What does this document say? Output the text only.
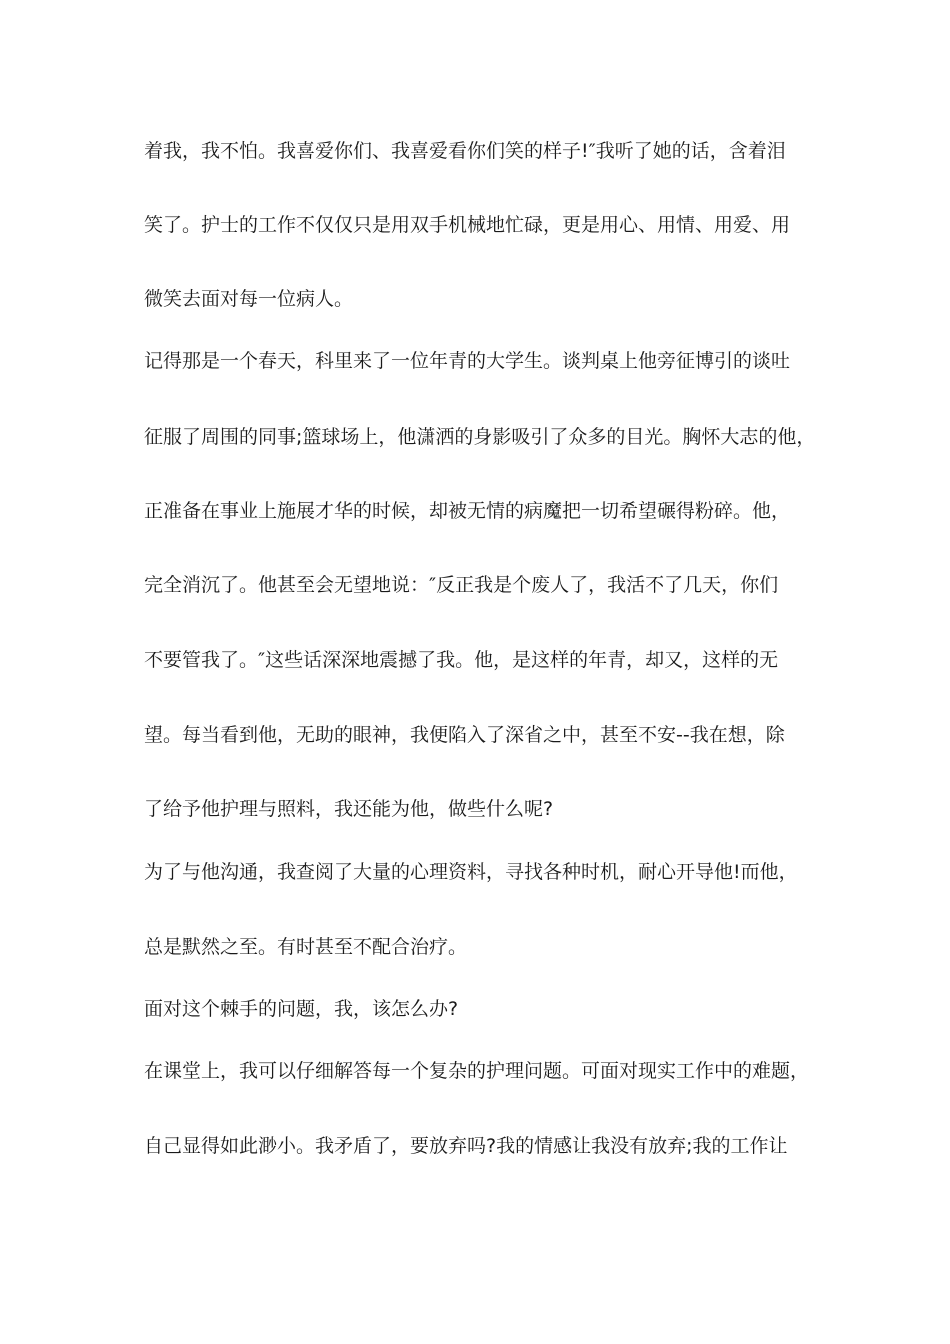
着我，我不怕。我喜爱你们、我喜爱看你们笑的样子!″我听了她的话，含着泪
笑了。护士的工作不仅仅只是用双手机械地忙碌，更是用心、用情、用爱、用
微笑去面对每一位病人。
记得那是一个春天，科里来了一位年青的大学生。谈判桌上他旁征博引的谈吐
征服了周围的同事;篮球场上，他潇洒的身影吸引了众多的目光。胸怀大志的他，
正准备在事业上施展才华的时候，却被无情的病魔把一切希望碾得粉碎。他，
完全消沉了。他甚至会无望地说：″反正我是个废人了，我活不了几天，你们
不要管我了。″这些话深深地震撼了我。他，是这样的年青，却又，这样的无
望。每当看到他，无助的眼神，我便陷入了深省之中，甚至不安--我在想，除
了给予他护理与照料，我还能为他，做些什么呢?
为了与他沟通，我查阅了大量的心理资料，寻找各种时机，耐心开导他!而他，
总是默然之至。有时甚至不配合治疗。
面对这个棘手的问题，我，该怎么办?
在课堂上，我可以仔细解答每一个复杂的护理问题。可面对现实工作中的难题，
自己显得如此渺小。我矛盾了，要放弃吗?我的情感让我没有放弃;我的工作让
